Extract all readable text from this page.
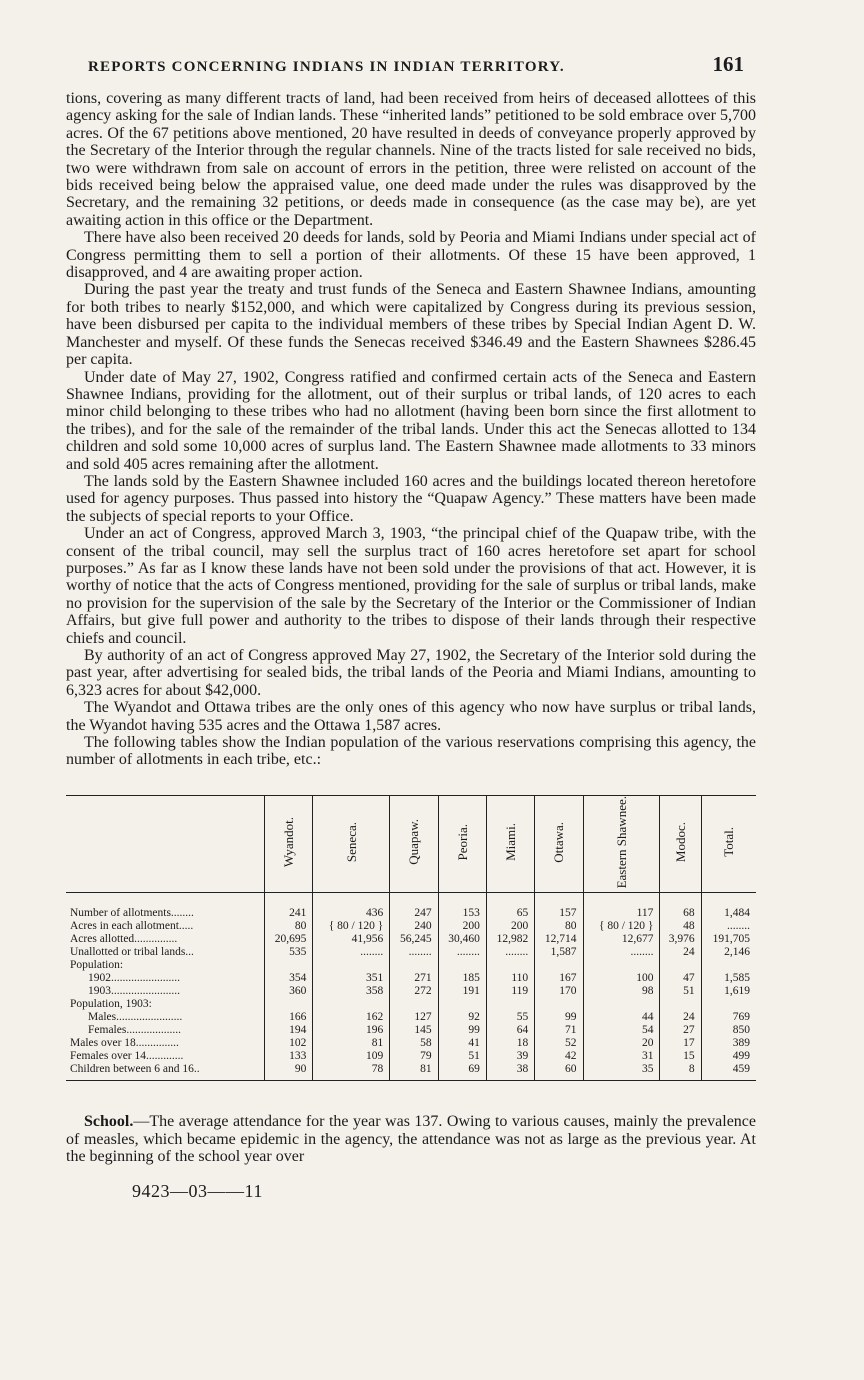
REPORTS CONCERNING INDIANS IN INDIAN TERRITORY.	161

tions, covering as many different tracts of land, had been received from heirs of deceased allottees of this agency asking for the sale of Indian lands. These “inherited lands” petitioned to be sold embrace over 5,700 acres. Of the 67 petitions above mentioned, 20 have resulted in deeds of conveyance properly approved by the Secretary of the Interior through the regular channels. Nine of the tracts listed for sale received no bids, two were withdrawn from sale on account of errors in the petition, three were relisted on account of the bids received being below the appraised value, one deed made under the rules was disapproved by the Secretary, and the remaining 32 petitions, or deeds made in consequence (as the case may be), are yet awaiting action in this office or the Department.

There have also been received 20 deeds for lands, sold by Peoria and Miami Indians under special act of Congress permitting them to sell a portion of their allotments. Of these 15 have been approved, 1 disapproved, and 4 are awaiting proper action.

During the past year the treaty and trust funds of the Seneca and Eastern Shawnee Indians, amounting for both tribes to nearly $152,000, and which were capitalized by Congress during its previous session, have been disbursed per capita to the individual members of these tribes by Special Indian Agent D. W. Manchester and myself. Of these funds the Senecas received $346.49 and the Eastern Shawnees $286.45 per capita.

Under date of May 27, 1902, Congress ratified and confirmed certain acts of the Seneca and Eastern Shawnee Indians, providing for the allotment, out of their surplus or tribal lands, of 120 acres to each minor child belonging to these tribes who had no allotment (having been born since the first allotment to the tribes), and for the sale of the remainder of the tribal lands. Under this act the Senecas allotted to 134 children and sold some 10,000 acres of surplus land. The Eastern Shawnee made allotments to 33 minors and sold 405 acres remaining after the allotment.

The lands sold by the Eastern Shawnee included 160 acres and the buildings located thereon heretofore used for agency purposes. Thus passed into history the “Quapaw Agency.” These matters have been made the subjects of special reports to your Office.

Under an act of Congress, approved March 3, 1903, “the principal chief of the Quapaw tribe, with the consent of the tribal council, may sell the surplus tract of 160 acres heretofore set apart for school purposes.” As far as I know these lands have not been sold under the provisions of that act. However, it is worthy of notice that the acts of Congress mentioned, providing for the sale of surplus or tribal lands, make no provision for the supervision of the sale by the Secretary of the Interior or the Commissioner of Indian Affairs, but give full power and authority to the tribes to dispose of their lands through their respective chiefs and council.

By authority of an act of Congress approved May 27, 1902, the Secretary of the Interior sold during the past year, after advertising for sealed bids, the tribal lands of the Peoria and Miami Indians, amounting to 6,323 acres for about $42,000.

The Wyandot and Ottawa tribes are the only ones of this agency who now have surplus or tribal lands, the Wyandot having 535 acres and the Ottawa 1,587 acres.

The following tables show the Indian population of the various reservations comprising this agency, the number of allotments in each tribe, etc.:

	Wyandot.	Seneca.	Quapaw.	Peoria.	Miami.	Ottawa.	Eastern Shawnee.	Modoc.	Total.
Number of allotments........	241	436	247	153	65	157	117	68	1,484
Acres in each allotment.....	80	{ 80 / 120 }	240	200	200	80	{ 80 / 120 }	48	........
Acres allotted...............	20,695	41,956	56,245	30,460	12,982	12,714	12,677	3,976	191,705
Unallotted or tribal lands...	535	........	........	........	........	1,587	........	24	2,146
Population:									
1902........................	354	351	271	185	110	167	100	47	1,585
1903........................	360	358	272	191	119	170	98	51	1,619
Population, 1903:									
Males.......................	166	162	127	92	55	99	44	24	769
Females...................	194	196	145	99	64	71	54	27	850
Males over 18...............	102	81	58	41	18	52	20	17	389
Females over 14.............	133	109	79	51	39	42	31	15	499
Children between 6 and 16..	90	78	81	69	38	60	35	8	459

School.—The average attendance for the year was 137. Owing to various causes, mainly the prevalence of measles, which became epidemic in the agency, the attendance was not as large as the previous year. At the beginning of the school year over

9423—03——11
